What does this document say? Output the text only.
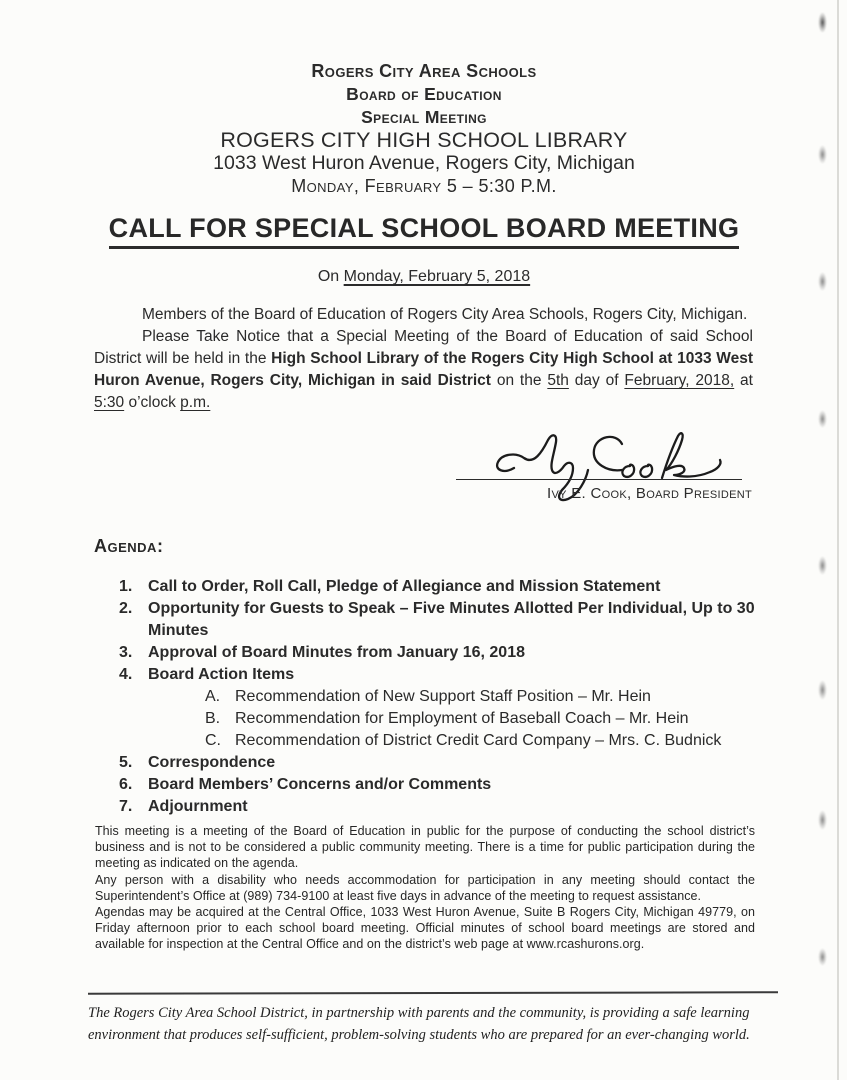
Rogers City Area Schools
Board of Education
Special Meeting
ROGERS CITY HIGH SCHOOL LIBRARY
1033 West Huron Avenue, Rogers City, Michigan
Monday, February 5 – 5:30 P.M.
CALL FOR SPECIAL SCHOOL BOARD MEETING
On Monday, February 5, 2018

Members of the Board of Education of Rogers City Area Schools, Rogers City, Michigan.

Please Take Notice that a Special Meeting of the Board of Education of said School District will be held in the High School Library of the Rogers City High School at 1033 West Huron Avenue, Rogers City, Michigan in said District on the 5th day of February, 2018, at 5:30 o’clock p.m.

Ivy E. Cook, Board President
Agenda:
1. Call to Order, Roll Call, Pledge of Allegiance and Mission Statement
2. Opportunity for Guests to Speak – Five Minutes Allotted Per Individual, Up to 30 Minutes
3. Approval of Board Minutes from January 16, 2018
4. Board Action Items
A. Recommendation of New Support Staff Position – Mr. Hein
B. Recommendation for Employment of Baseball Coach – Mr. Hein
C. Recommendation of District Credit Card Company – Mrs. C. Budnick
5. Correspondence
6. Board Members’ Concerns and/or Comments
7. Adjournment

This meeting is a meeting of the Board of Education in public for the purpose of conducting the school district’s business and is not to be considered a public community meeting. There is a time for public participation during the meeting as indicated on the agenda.

Any person with a disability who needs accommodation for participation in any meeting should contact the Superintendent’s Office at (989) 734-9100 at least five days in advance of the meeting to request assistance.

Agendas may be acquired at the Central Office, 1033 West Huron Avenue, Suite B Rogers City, Michigan 49779, on Friday afternoon prior to each school board meeting. Official minutes of school board meetings are stored and available for inspection at the Central Office and on the district’s web page at www.rcashurons.org.

The Rogers City Area School District, in partnership with parents and the community, is providing a safe learning environment that produces self-sufficient, problem-solving students who are prepared for an ever-changing world.
